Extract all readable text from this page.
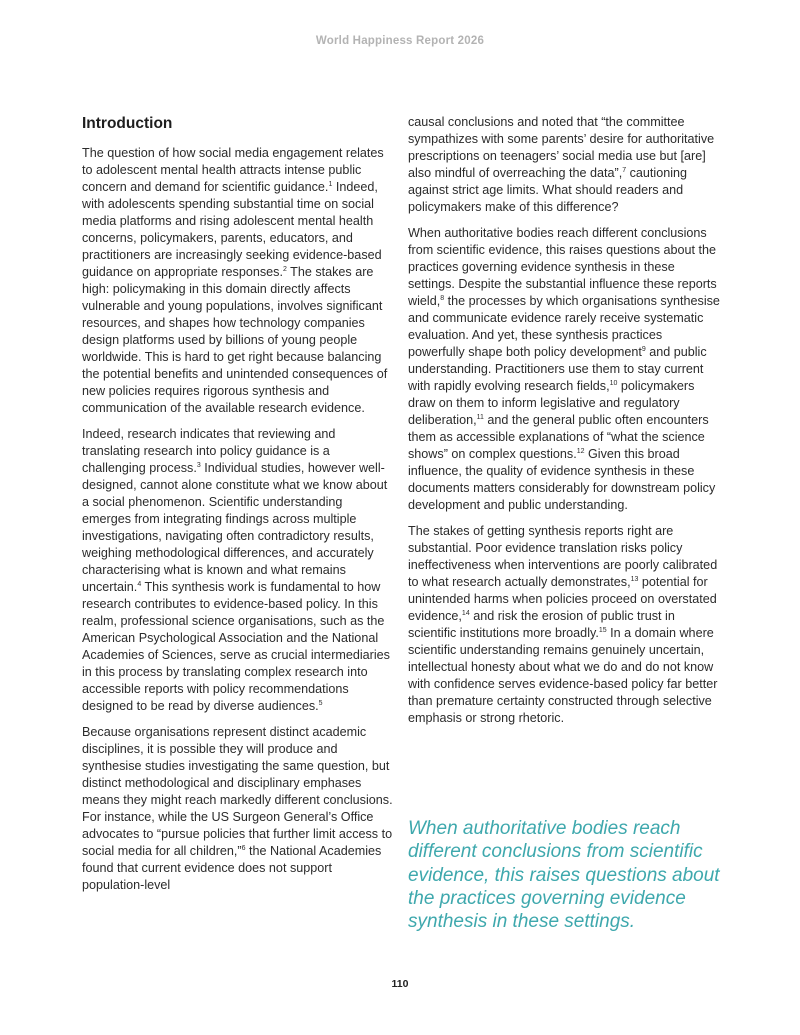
World Happiness Report 2026
Introduction

The question of how social media engagement relates to adolescent mental health attracts intense public concern and demand for scientific guidance.$^1$ Indeed, with adolescents spending substantial time on social media platforms and rising adolescent mental health concerns, policymakers, parents, educators, and practitioners are increasingly seeking evidence-based guidance on appropriate responses.$^2$ The stakes are high: policymaking in this domain directly affects vulnerable and young populations, involves significant resources, and shapes how technology companies design platforms used by billions of young people worldwide. This is hard to get right because balancing the potential benefits and unintended consequences of new policies requires rigorous synthesis and communication of the available research evidence.

Indeed, research indicates that reviewing and translating research into policy guidance is a challenging process.$^3$ Individual studies, however well-designed, cannot alone constitute what we know about a social phenomenon. Scientific understanding emerges from integrating findings across multiple investigations, navigating often contradictory results, weighing methodological differences, and accurately characterising what is known and what remains uncertain.$^4$ This synthesis work is fundamental to how research contributes to evidence-based policy. In this realm, professional science organisations, such as the American Psychological Association and the National Academies of Sciences, serve as crucial intermediaries in this process by translating complex research into accessible reports with policy recommendations designed to be read by diverse audiences.$^5$

Because organisations represent distinct academic disciplines, it is possible they will produce and synthesise studies investigating the same question, but distinct methodological and disciplinary emphases means they might reach markedly different conclusions. For instance, while the US Surgeon General’s Office advocates to “pursue policies that further limit access to social media for all children,”$^6$ the National Academies found that current evidence does not support population-level

causal conclusions and noted that “the committee sympathizes with some parents’ desire for authoritative prescriptions on teenagers’ social media use but [are] also mindful of overreaching the data”,$^7$ cautioning against strict age limits. What should readers and policymakers make of this difference?

When authoritative bodies reach different conclusions from scientific evidence, this raises questions about the practices governing evidence synthesis in these settings. Despite the substantial influence these reports wield,$^8$ the processes by which organisations synthesise and communicate evidence rarely receive systematic evaluation. And yet, these synthesis practices powerfully shape both policy development$^9$ and public understanding. Practitioners use them to stay current with rapidly evolving research fields,$^{10}$ policymakers draw on them to inform legislative and regulatory deliberation,$^{11}$ and the general public often encounters them as accessible explanations of “what the science shows” on complex questions.$^{12}$ Given this broad influence, the quality of evidence synthesis in these documents matters considerably for downstream policy development and public understanding.

The stakes of getting synthesis reports right are substantial. Poor evidence translation risks policy ineffectiveness when interventions are poorly calibrated to what research actually demonstrates,$^{13}$ potential for unintended harms when policies proceed on overstated evidence,$^{14}$ and risk the erosion of public trust in scientific institutions more broadly.$^{15}$ In a domain where scientific understanding remains genuinely uncertain, intellectual honesty about what we do and do not know with confidence serves evidence-based policy far better than premature certainty constructed through selective emphasis or strong rhetoric.

When authoritative bodies reach different conclusions from scientific evidence, this raises questions about the practices governing evidence synthesis in these settings.
110
